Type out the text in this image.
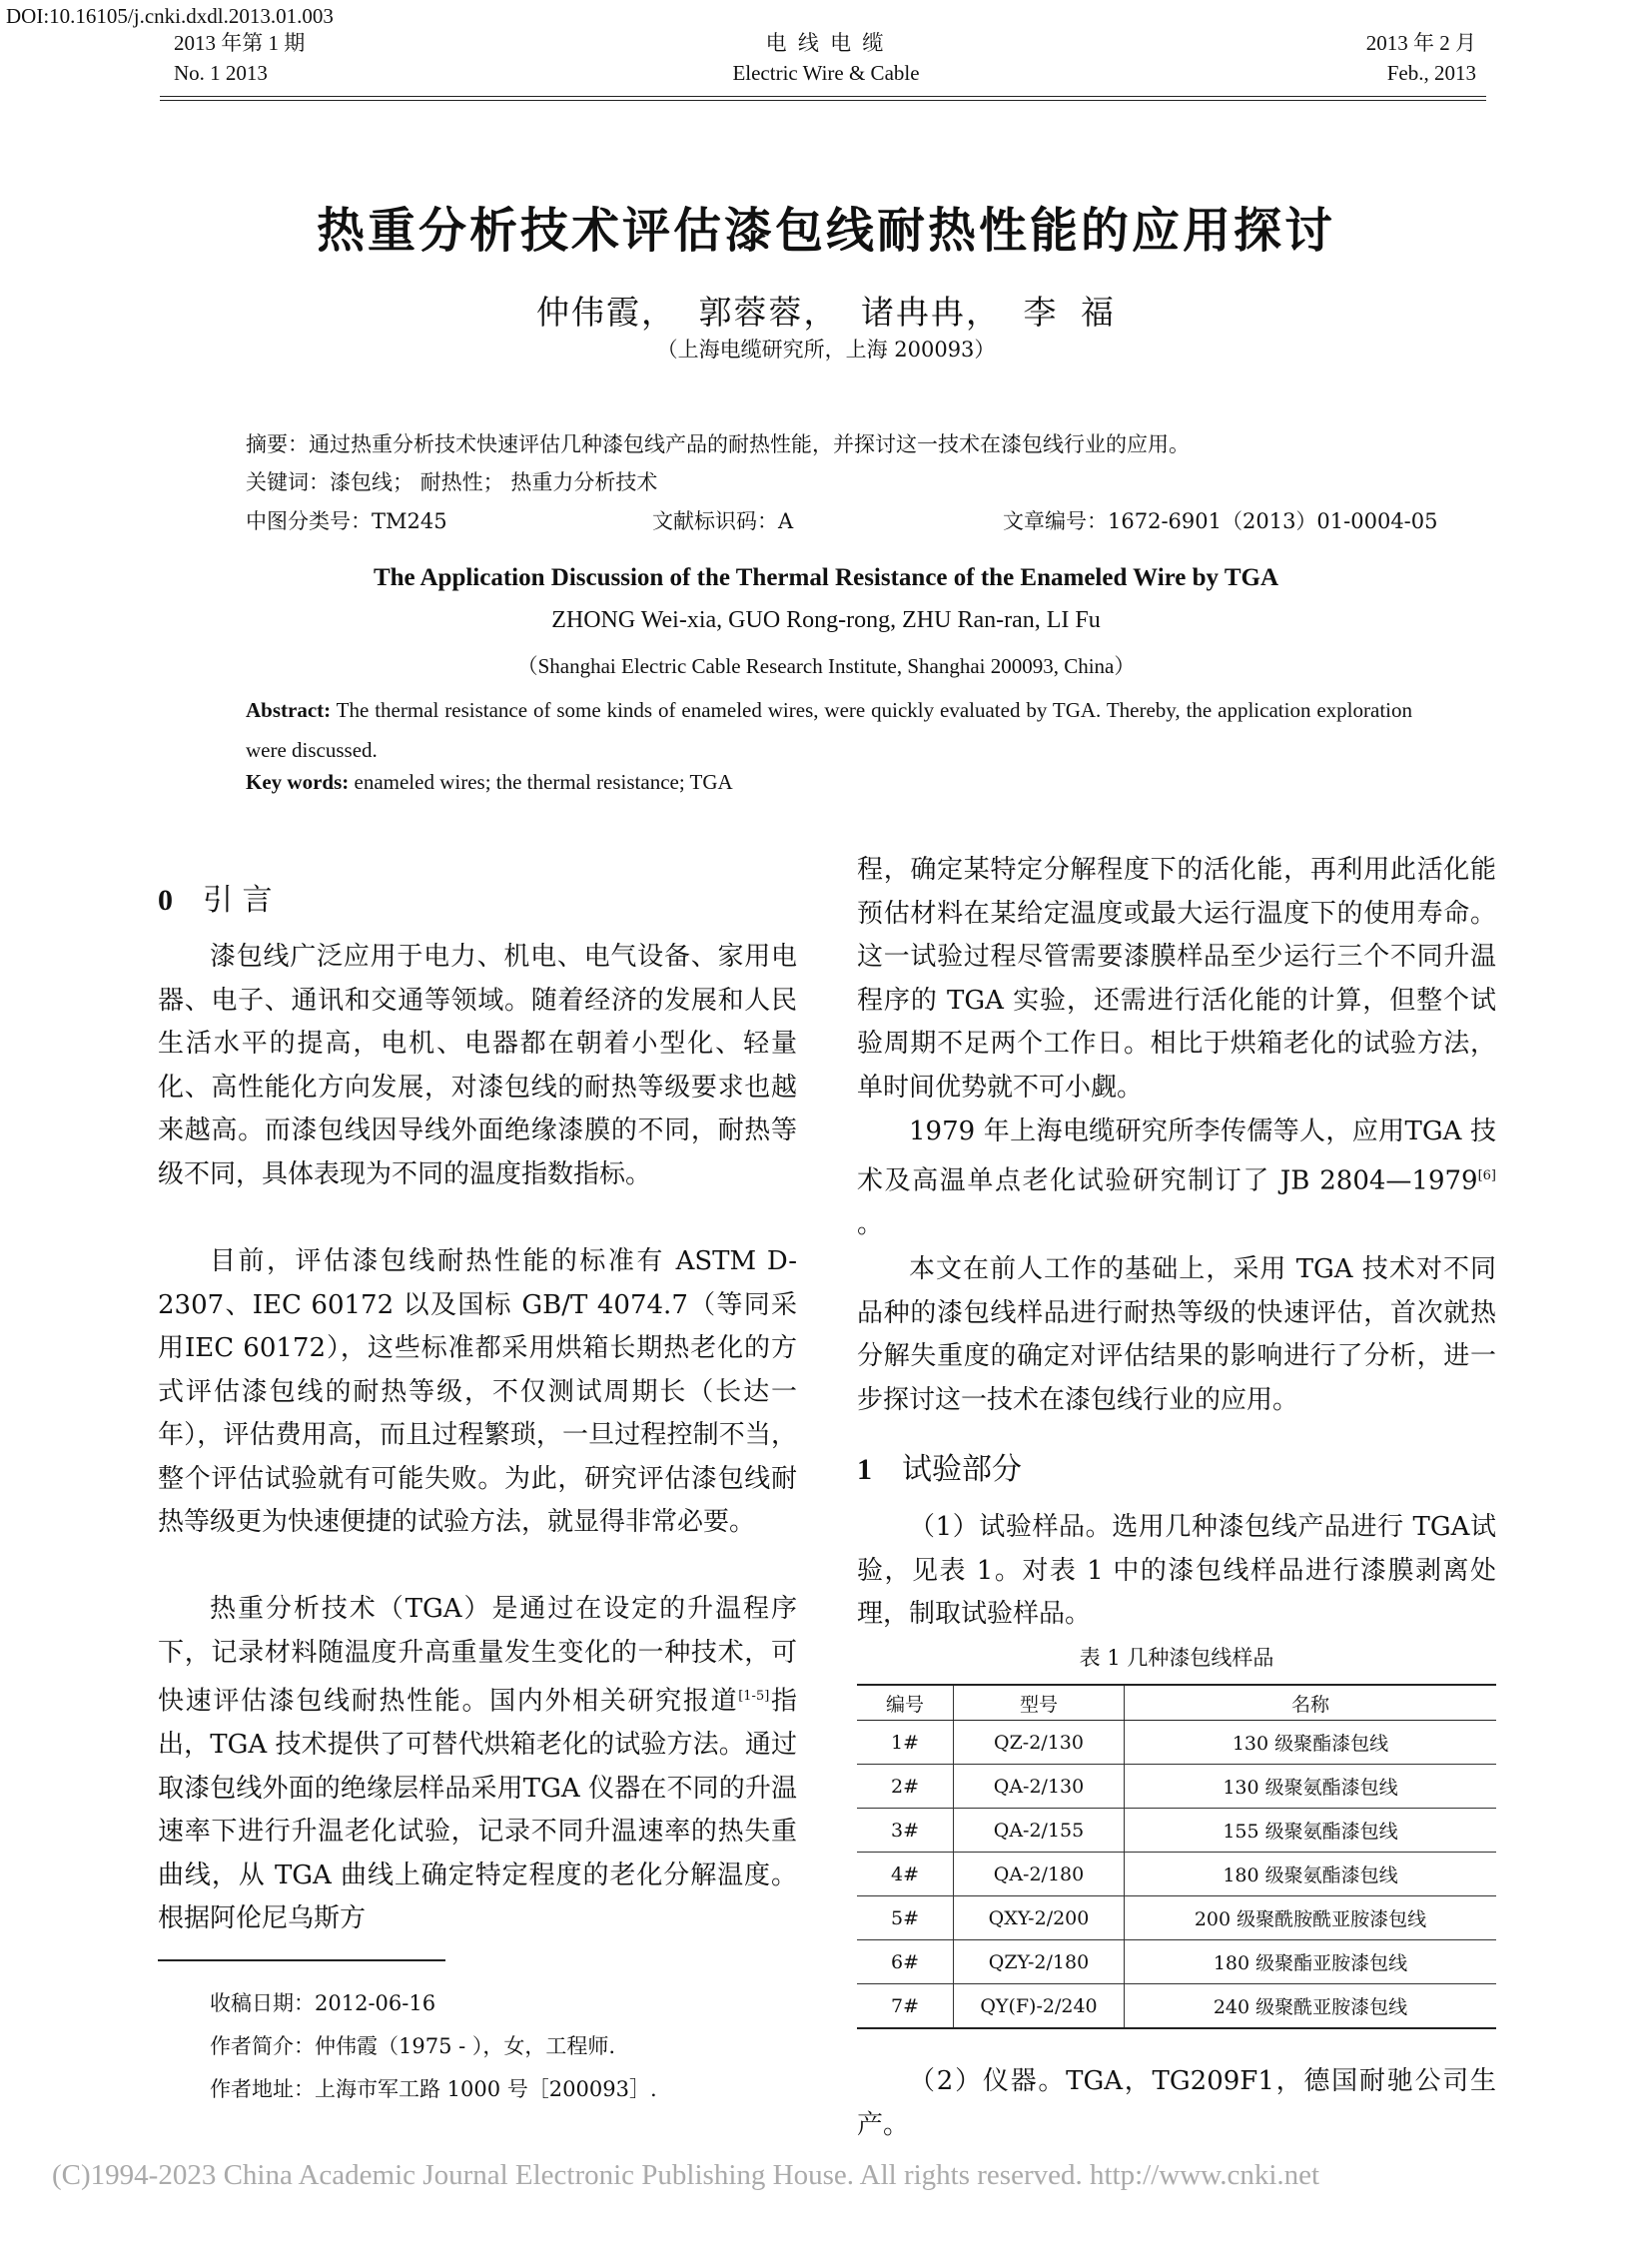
DOI:10.16105/j.cnki.dxdl.2013.01.003
2013 年第 1 期
No. 1 2013
电 线 电 缆
Electric Wire & Cable
2013 年 2 月
Feb., 2013
热重分析技术评估漆包线耐热性能的应用探讨
仲伟霞， 郭蓉蓉， 诸冉冉， 李 福
（上海电缆研究所，上海 200093）
摘要：通过热重分析技术快速评估几种漆包线产品的耐热性能，并探讨这一技术在漆包线行业的应用。
关键词：漆包线； 耐热性； 热重力分析技术
中图分类号：TM245	文献标识码：A	文章编号：1672-6901（2013）01-0004-05
The Application Discussion of the Thermal Resistance of the Enameled Wire by TGA
ZHONG Wei-xia, GUO Rong-rong, ZHU Ran-ran, LI Fu
（Shanghai Electric Cable Research Institute, Shanghai 200093, China）
Abstract: The thermal resistance of some kinds of enameled wires, were quickly evaluated by TGA. Thereby, the application exploration were discussed.
Key words: enameled wires; the thermal resistance; TGA
0 引 言
漆包线广泛应用于电力、机电、电气设备、家用电器、电子、通讯和交通等领域。随着经济的发展和人民生活水平的提高，电机、电器都在朝着小型化、轻量化、高性能化方向发展，对漆包线的耐热等级要求也越来越高。而漆包线因导线外面绝缘漆膜的不同，耐热等级不同，具体表现为不同的温度指数指标。
目前，评估漆包线耐热性能的标准有 ASTM D-2307、IEC 60172 以及国标 GB/T 4074.7（等同采用IEC 60172），这些标准都采用烘箱长期热老化的方式评估漆包线的耐热等级，不仅测试周期长（长达一年），评估费用高，而且过程繁琐，一旦过程控制不当，整个评估试验就有可能失败。为此，研究评估漆包线耐热等级更为快速便捷的试验方法，就显得非常必要。
热重分析技术（TGA）是通过在设定的升温程序下，记录材料随温度升高重量发生变化的一种技术，可快速评估漆包线耐热性能。国内外相关研究报道[1-5]指出，TGA 技术提供了可替代烘箱老化的试验方法。通过取漆包线外面的绝缘层样品采用TGA 仪器在不同的升温速率下进行升温老化试验，记录不同升温速率的热失重曲线，从 TGA 曲线上确定特定程度的老化分解温度。根据阿伦尼乌斯方
收稿日期：2012-06-16
作者简介：仲伟霞（1975 - ），女，工程师.
作者地址：上海市军工路 1000 号［200093］.
程，确定某特定分解程度下的活化能，再利用此活化能预估材料在某给定温度或最大运行温度下的使用寿命。这一试验过程尽管需要漆膜样品至少运行三个不同升温程序的 TGA 实验，还需进行活化能的计算，但整个试验周期不足两个工作日。相比于烘箱老化的试验方法，单时间优势就不可小觑。
1979 年上海电缆研究所李传儒等人，应用TGA 技术及高温单点老化试验研究制订了 JB 2804—1979[6] 。
本文在前人工作的基础上，采用 TGA 技术对不同品种的漆包线样品进行耐热等级的快速评估，首次就热分解失重度的确定对评估结果的影响进行了分析，进一步探讨这一技术在漆包线行业的应用。
1 试验部分
（1）试验样品。选用几种漆包线产品进行 TGA试验，见表 1。对表 1 中的漆包线样品进行漆膜剥离处理，制取试验样品。
表 1 几种漆包线样品
编号	型号	名称
1#	QZ-2/130	130 级聚酯漆包线
2#	QA-2/130	130 级聚氨酯漆包线
3#	QA-2/155	155 级聚氨酯漆包线
4#	QA-2/180	180 级聚氨酯漆包线
5#	QXY-2/200	200 级聚酰胺酰亚胺漆包线
6#	QZY-2/180	180 级聚酯亚胺漆包线
7#	QY(F)-2/240	240 级聚酰亚胺漆包线
（2）仪器。TGA，TG209F1，德国耐驰公司生产。
(C)1994-2023 China Academic Journal Electronic Publishing House. All rights reserved. http://www.cnki.net
